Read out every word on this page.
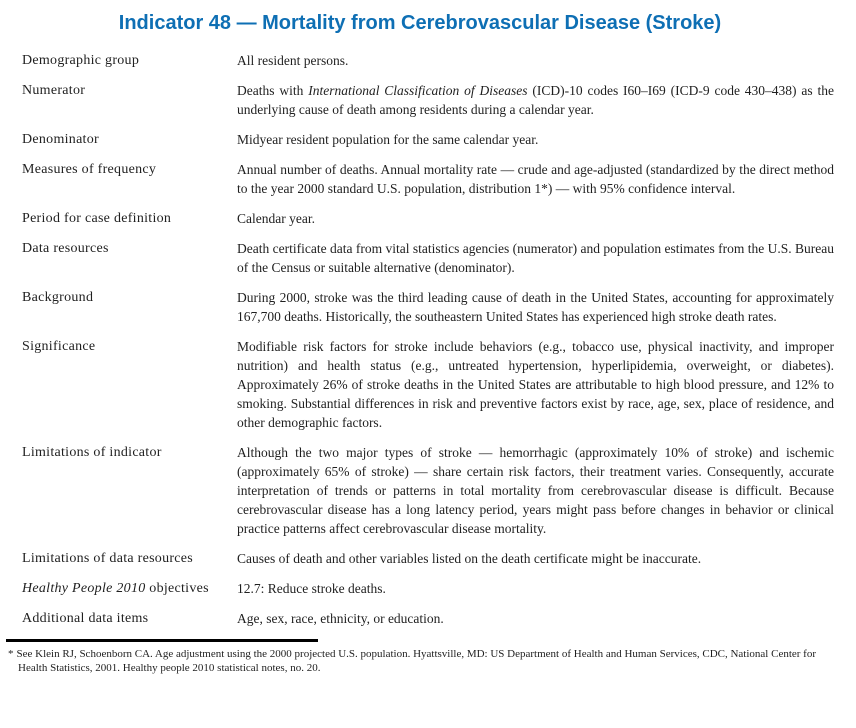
Indicator 48 — Mortality from Cerebrovascular Disease (Stroke)
Demographic group	All resident persons.
Numerator	Deaths with International Classification of Diseases (ICD)-10 codes I60–I69 (ICD-9 code 430–438) as the underlying cause of death among residents during a calendar year.
Denominator	Midyear resident population for the same calendar year.
Measures of frequency	Annual number of deaths. Annual mortality rate — crude and age-adjusted (standardized by the direct method to the year 2000 standard U.S. population, distribution 1*) — with 95% confidence interval.
Period for case definition	Calendar year.
Data resources	Death certificate data from vital statistics agencies (numerator) and population estimates from the U.S. Bureau of the Census or suitable alternative (denominator).
Background	During 2000, stroke was the third leading cause of death in the United States, accounting for approximately 167,700 deaths. Historically, the southeastern United States has experienced high stroke death rates.
Significance	Modifiable risk factors for stroke include behaviors (e.g., tobacco use, physical inactivity, and improper nutrition) and health status (e.g., untreated hypertension, hyperlipidemia, overweight, or diabetes). Approximately 26% of stroke deaths in the United States are attributable to high blood pressure, and 12% to smoking. Substantial differences in risk and preventive factors exist by race, age, sex, place of residence, and other demographic factors.
Limitations of indicator	Although the two major types of stroke — hemorrhagic (approximately 10% of stroke) and ischemic (approximately 65% of stroke) — share certain risk factors, their treatment varies. Consequently, accurate interpretation of trends or patterns in total mortality from cerebrovascular disease is difficult. Because cerebrovascular disease has a long latency period, years might pass before changes in behavior or clinical practice patterns affect cerebrovascular disease mortality.
Limitations of data resources	Causes of death and other variables listed on the death certificate might be inaccurate.
Healthy People 2010 objectives	12.7: Reduce stroke deaths.
Additional data items	Age, sex, race, ethnicity, or education.
* See Klein RJ, Schoenborn CA. Age adjustment using the 2000 projected U.S. population. Hyattsville, MD: US Department of Health and Human Services, CDC, National Center for Health Statistics, 2001. Healthy people 2010 statistical notes, no. 20.
